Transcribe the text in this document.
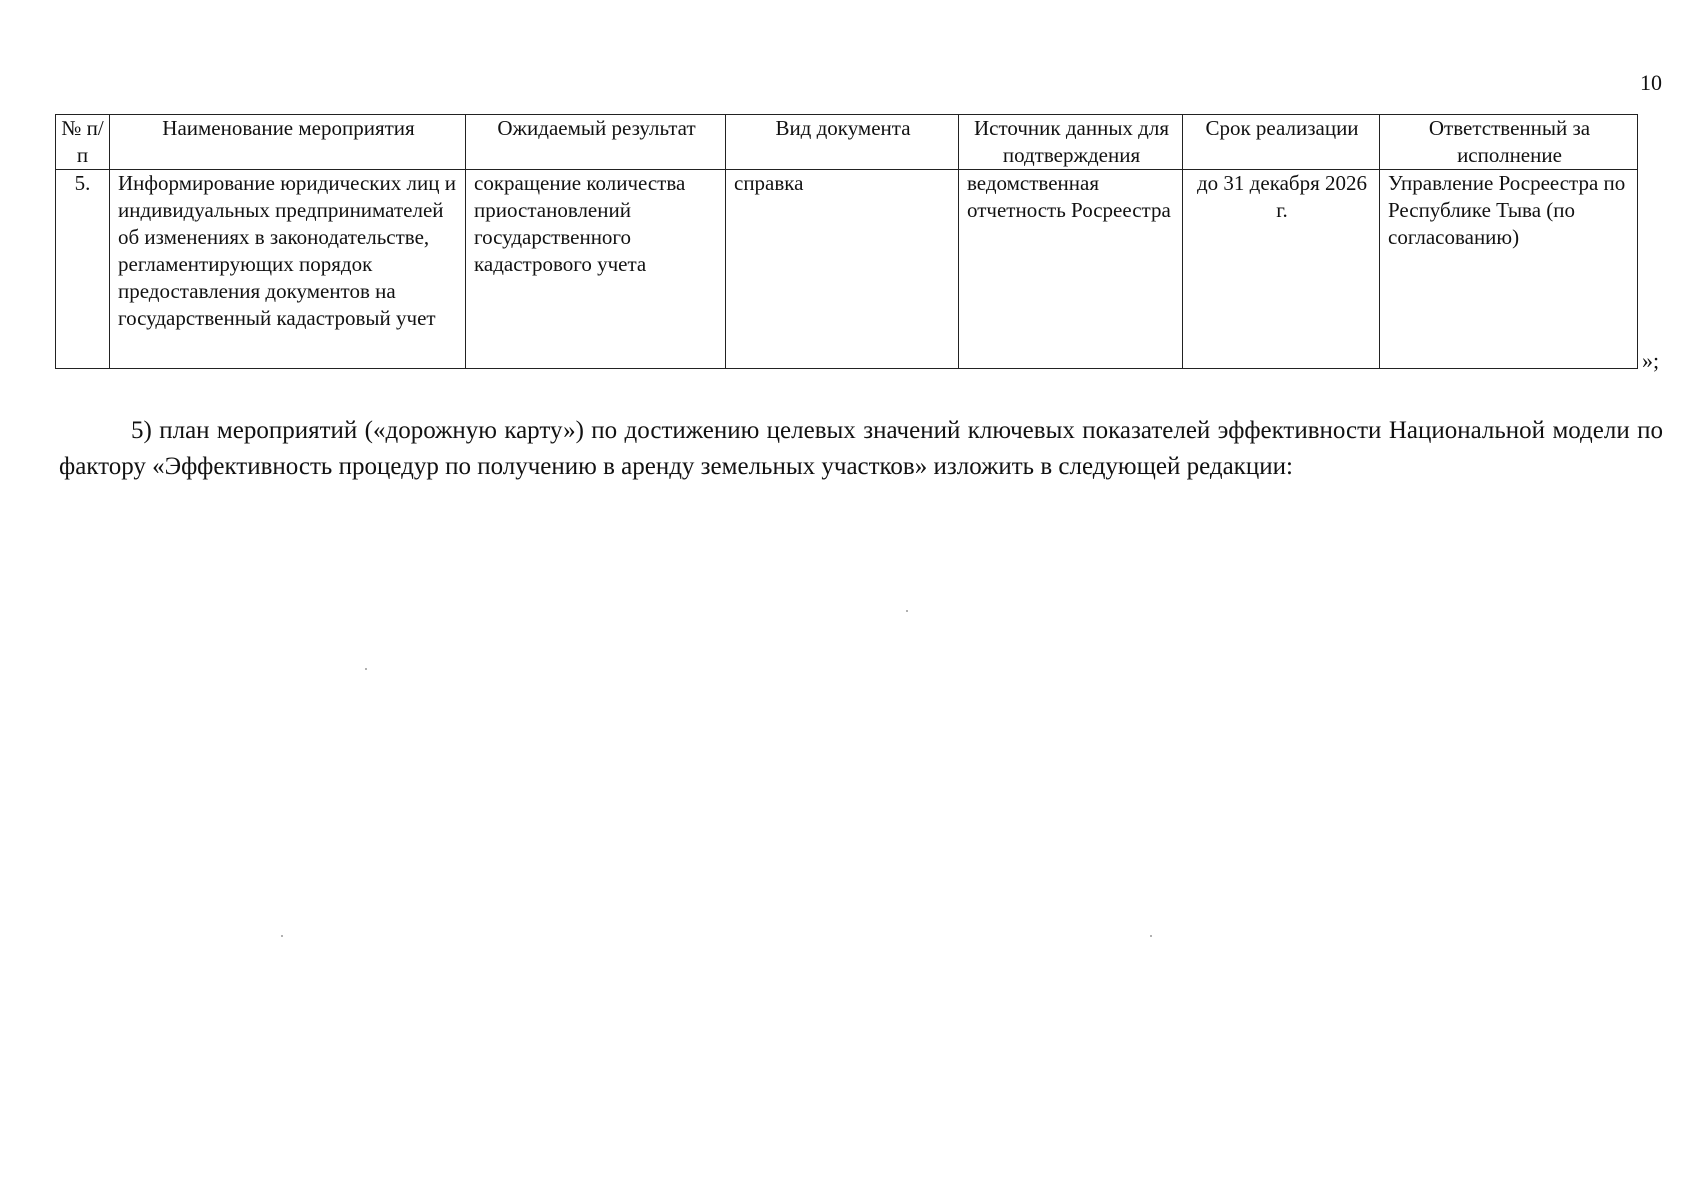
10
№ п/п	Наименование мероприятия	Ожидаемый результат	Вид документа	Источник данных для подтверждения	Срок реализации	Ответственный за исполнение
5.	Информирование юридических лиц и индивидуальных предпринимателей об изменениях в законодательстве, регламентирующих порядок предоставления документов на государственный кадастровый учет	сокращение количества приостановлений государственного кадастрового учета	справка	ведомственная отчетность Росреестра	до 31 декабря 2026 г.	Управление Росреестра по Республике Тыва (по согласованию)
»;

5) план мероприятий («дорожную карту») по достижению целевых значений ключевых показателей эффективности Национальной модели по фактору «Эффективность процедур по получению в аренду земельных участков» изложить в следующей редакции:
